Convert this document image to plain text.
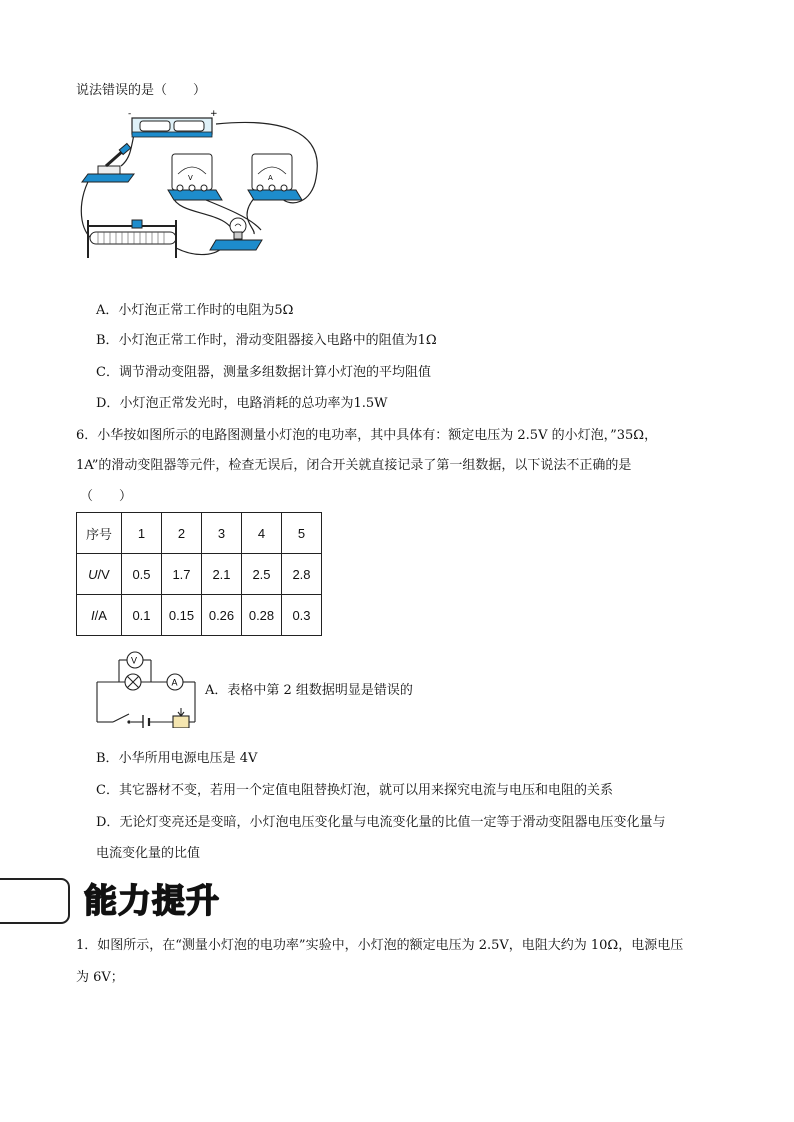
说法错误的是（　　）
-	+
V	A
A．小灯泡正常工作时的电阻为5Ω
B．小灯泡正常工作时，滑动变阻器接入电路中的阻值为1Ω
C．调节滑动变阻器，测量多组数据计算小灯泡的平均阻值
D．小灯泡正常发光时，电路消耗的总功率为1.5W
6．小华按如图所示的电路图测量小灯泡的电功率，其中具体有：额定电压为 2.5V 的小灯泡，”35Ω，
1A”的滑动变阻器等元件，检查无误后，闭合开关就直接记录了第一组数据，以下说法不正确的是
（　　）
序号	1	2	3	4	5
U/V	0.5	1.7	2.1	2.5	2.8
I/A	0.1	0.15	0.26	0.28	0.3
V
A
A．表格中第 2 组数据明显是错误的
B．小华所用电源电压是 4V
C．其它器材不变，若用一个定值电阻替换灯泡，就可以用来探究电流与电压和电阻的关系
D．无论灯变亮还是变暗，小灯泡电压变化量与电流变化量的比值一定等于滑动变阻器电压变化量与
电流变化量的比值
能力提升
1．如图所示，在“测量小灯泡的电功率”实验中，小灯泡的额定电压为 2.5V，电阻大约为 10Ω，电源电压
为 6V；
